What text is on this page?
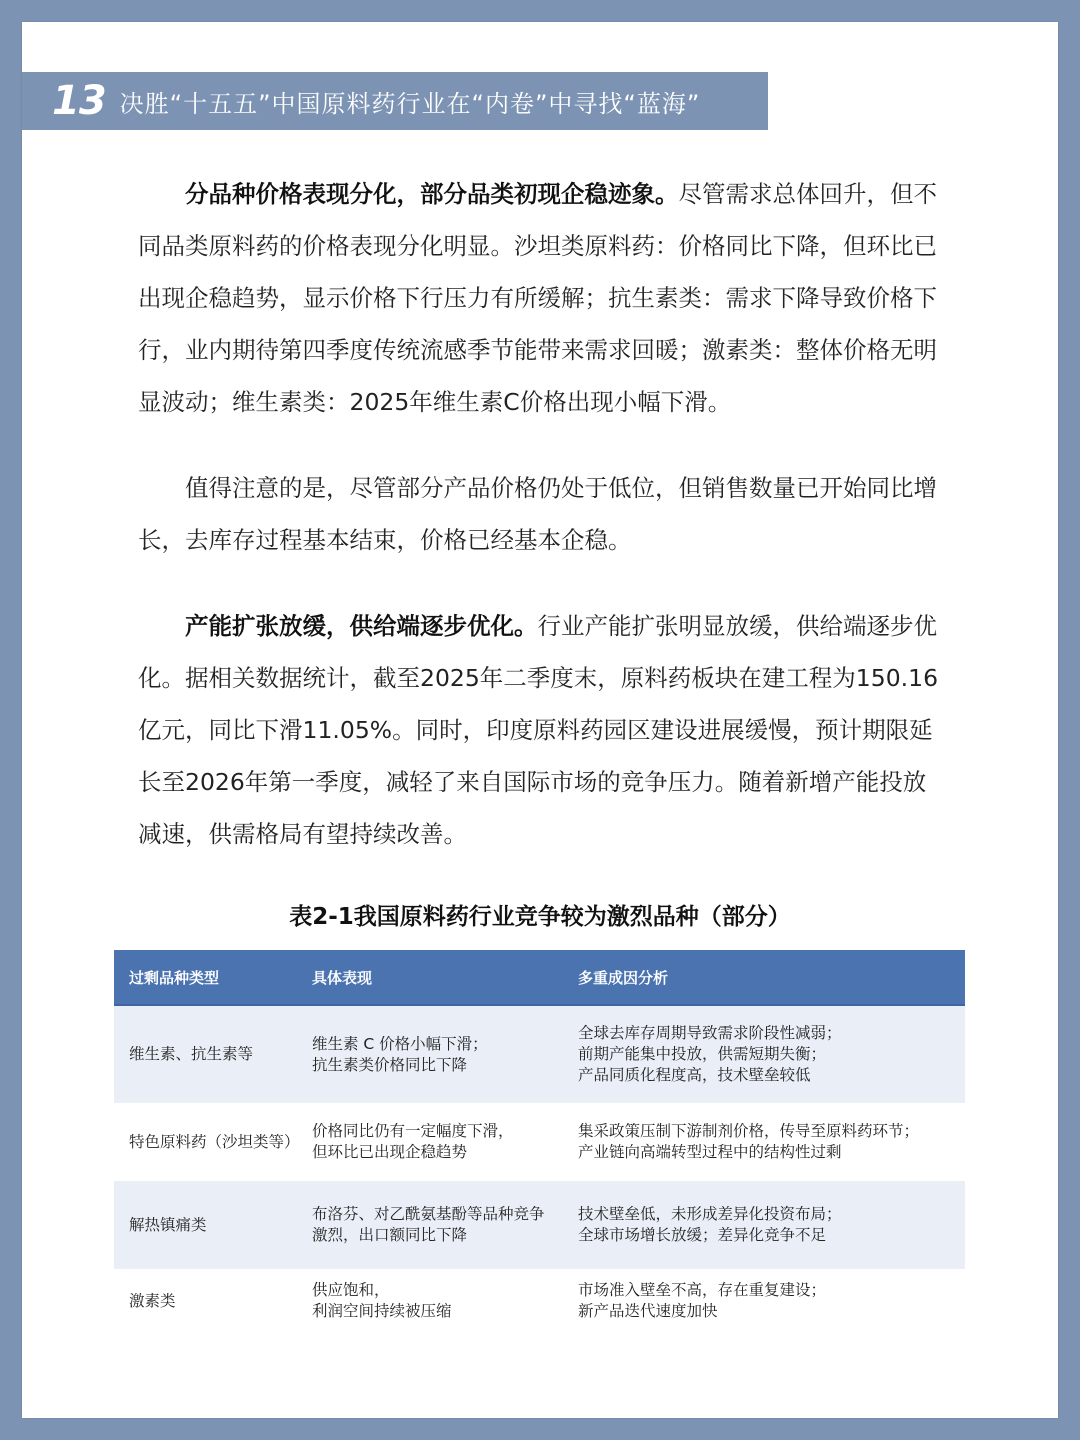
13 决胜“十五五”中国原料药行业在“内卷”中寻找“蓝海”

分品种价格表现分化，部分品类初现企稳迹象。尽管需求总体回升，但不同品类原料药的价格表现分化明显。沙坦类原料药：价格同比下降，但环比已出现企稳趋势，显示价格下行压力有所缓解；抗生素类：需求下降导致价格下行，业内期待第四季度传统流感季节能带来需求回暖；激素类：整体价格无明显波动；维生素类：2025年维生素C价格出现小幅下滑。

值得注意的是，尽管部分产品价格仍处于低位，但销售数量已开始同比增长，去库存过程基本结束，价格已经基本企稳。

产能扩张放缓，供给端逐步优化。行业产能扩张明显放缓，供给端逐步优化。据相关数据统计，截至2025年二季度末，原料药板块在建工程为150.16亿元，同比下滑11.05%。同时，印度原料药园区建设进展缓慢，预计期限延长至2026年第一季度，减轻了来自国际市场的竞争压力。随着新增产能投放减速，供需格局有望持续改善。

表2-1我国原料药行业竞争较为激烈品种（部分）
过剩品种类型	具体表现	多重成因分析
维生素、抗生素等
维生素 C 价格小幅下滑；
抗生素类价格同比下降
全球去库存周期导致需求阶段性减弱；
前期产能集中投放，供需短期失衡；
产品同质化程度高，技术壁垒较低
特色原料药（沙坦类等）
价格同比仍有一定幅度下滑，
但环比已出现企稳趋势
集采政策压制下游制剂价格，传导至原料药环节；
产业链向高端转型过程中的结构性过剩
解热镇痛类
布洛芬、对乙酰氨基酚等品种竞争
激烈，出口额同比下降
技术壁垒低，未形成差异化投资布局；
全球市场增长放缓；差异化竞争不足
激素类
供应饱和，
利润空间持续被压缩
市场准入壁垒不高，存在重复建设；
新产品迭代速度加快
